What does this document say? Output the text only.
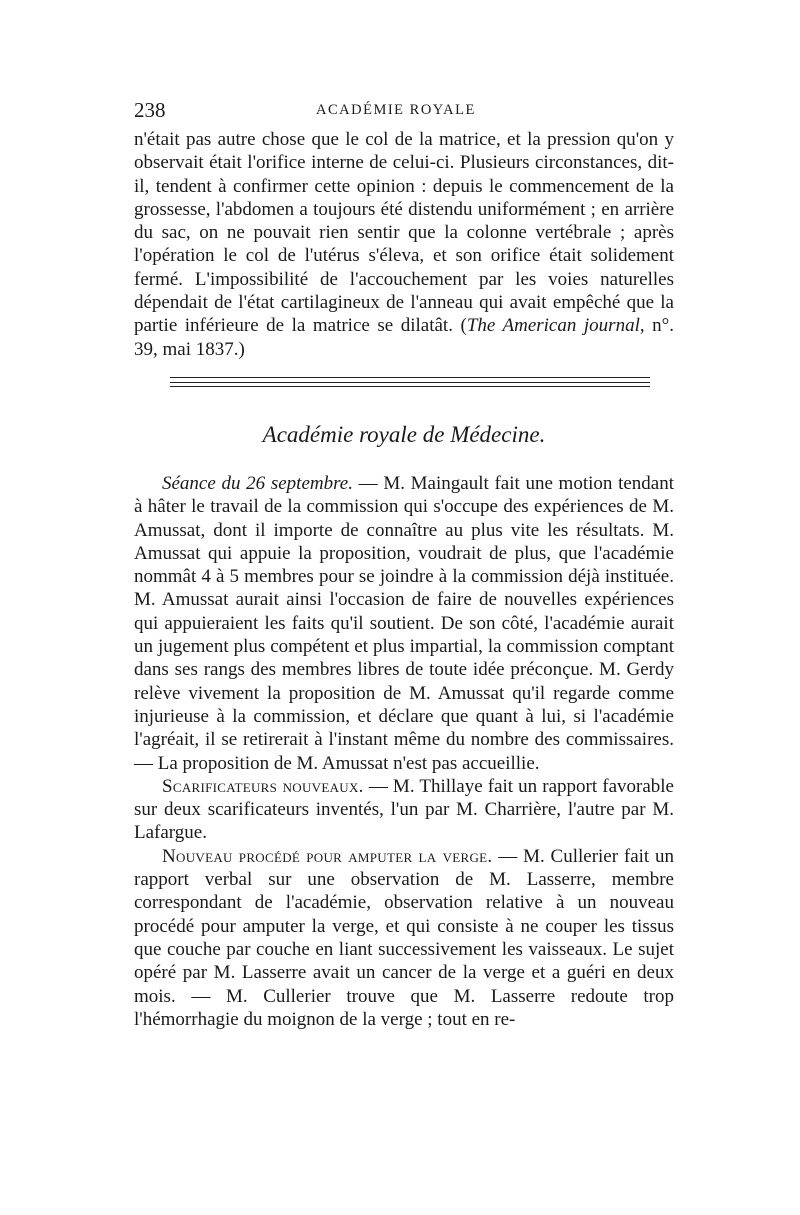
238	ACADÉMIE ROYALE

n'était pas autre chose que le col de la matrice, et la pression qu'on y observait était l'orifice interne de celui-ci. Plusieurs circonstances, dit-il, tendent à confirmer cette opinion : depuis le commencement de la grossesse, l'abdomen a toujours été distendu uniformément ; en arrière du sac, on ne pouvait rien sentir que la colonne vertébrale ; après l'opération le col de l'utérus s'éleva, et son orifice était solidement fermé. L'impossibilité de l'accouchement par les voies naturelles dépendait de l'état cartilagineux de l'anneau qui avait empêché que la partie inférieure de la matrice se dilatât. (The American journal, n°. 39, mai 1837.)

Académie royale de Médecine.

Séance du 26 septembre. — M. Maingault fait une motion tendant à hâter le travail de la commission qui s'occupe des expériences de M. Amussat, dont il importe de connaître au plus vite les résultats. M. Amussat qui appuie la proposition, voudrait de plus, que l'académie nommât 4 à 5 membres pour se joindre à la commission déjà instituée. M. Amussat aurait ainsi l'occasion de faire de nouvelles expériences qui appuieraient les faits qu'il soutient. De son côté, l'académie aurait un jugement plus compétent et plus impartial, la commission comptant dans ses rangs des membres libres de toute idée préconçue. M. Gerdy relève vivement la proposition de M. Amussat qu'il regarde comme injurieuse à la commission, et déclare que quant à lui, si l'académie l'agréait, il se retirerait à l'instant même du nombre des commissaires. — La proposition de M. Amussat n'est pas accueillie.

Scarificateurs nouveaux. — M. Thillaye fait un rapport favorable sur deux scarificateurs inventés, l'un par M. Charrière, l'autre par M. Lafargue.

Nouveau procédé pour amputer la verge. — M. Cullerier fait un rapport verbal sur une observation de M. Lasserre, membre correspondant de l'académie, observation relative à un nouveau procédé pour amputer la verge, et qui consiste à ne couper les tissus que couche par couche en liant successivement les vaisseaux. Le sujet opéré par M. Lasserre avait un cancer de la verge et a guéri en deux mois. — M. Cullerier trouve que M. Lasserre redoute trop l'hémorrhagie du moignon de la verge ; tout en re-
